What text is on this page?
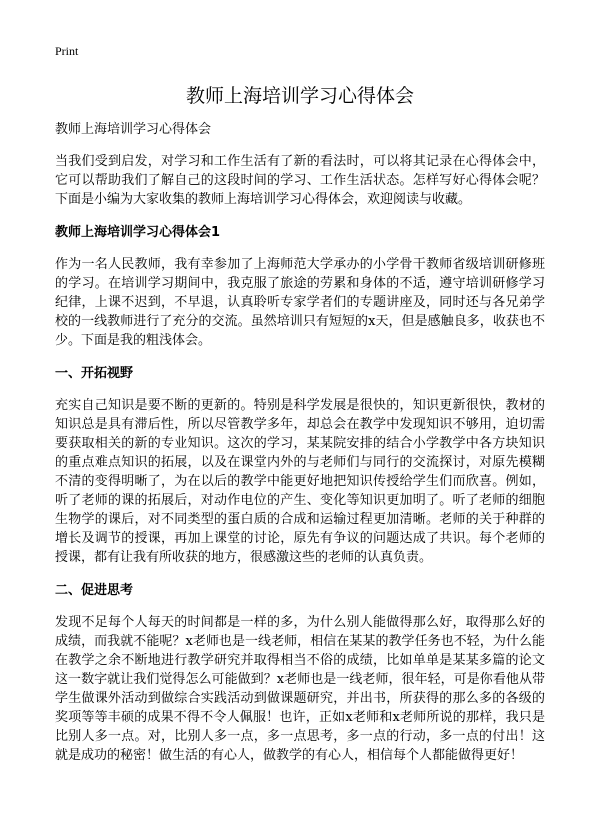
Print
教师上海培训学习心得体会
教师上海培训学习心得体会

当我们受到启发，对学习和工作生活有了新的看法时，可以将其记录在心得体会中，它可以帮助我们了解自己的这段时间的学习、工作生活状态。怎样写好心得体会呢？下面是小编为大家收集的教师上海培训学习心得体会，欢迎阅读与收藏。

教师上海培训学习心得体会1

作为一名人民教师，我有幸参加了上海师范大学承办的小学骨干教师省级培训研修班的学习。在培训学习期间中，我克服了旅途的劳累和身体的不适，遵守培训研修学习纪律，上课不迟到，不早退，认真聆听专家学者们的专题讲座及，同时还与各兄弟学校的一线教师进行了充分的交流。虽然培训只有短短的x天，但是感触良多，收获也不少。下面是我的粗浅体会。

一、开拓视野

充实自己知识是要不断的更新的。特别是科学发展是很快的，知识更新很快，教材的知识总是具有滞后性，所以尽管教学多年，却总会在教学中发现知识不够用，迫切需要获取相关的新的专业知识。这次的学习，某某院安排的结合小学教学中各方块知识的重点难点知识的拓展，以及在课堂内外的与老师们与同行的交流探讨，对原先模糊不清的变得明晰了，为在以后的教学中能更好地把知识传授给学生们而欣喜。例如，听了老师的课的拓展后，对动作电位的产生、变化等知识更加明了。听了老师的细胞生物学的课后，对不同类型的蛋白质的合成和运输过程更加清晰。老师的关于种群的增长及调节的授课，再加上课堂的讨论，原先有争议的问题达成了共识。每个老师的授课，都有让我有所收获的地方，很感激这些的老师的认真负责。

二、促进思考

发现不足每个人每天的时间都是一样的多，为什么别人能做得那么好，取得那么好的成绩，而我就不能呢？x老师也是一线老师，相信在某某的教学任务也不轻，为什么能在教学之余不断地进行教学研究并取得相当不俗的成绩，比如单单是某某多篇的论文这一数字就让我们觉得怎么可能做到？x老师也是一线老师，很年轻，可是你看他从带学生做课外活动到做综合实践活动到做课题研究，并出书，所获得的那么多的各级的奖项等等丰硕的成果不得不令人佩服！也许，正如x老师和x老师所说的那样，我只是比别人多一点。对，比别人多一点，多一点思考，多一点的行动，多一点的付出！这就是成功的秘密！做生活的有心人，做教学的有心人，相信每个人都能做得更好！
